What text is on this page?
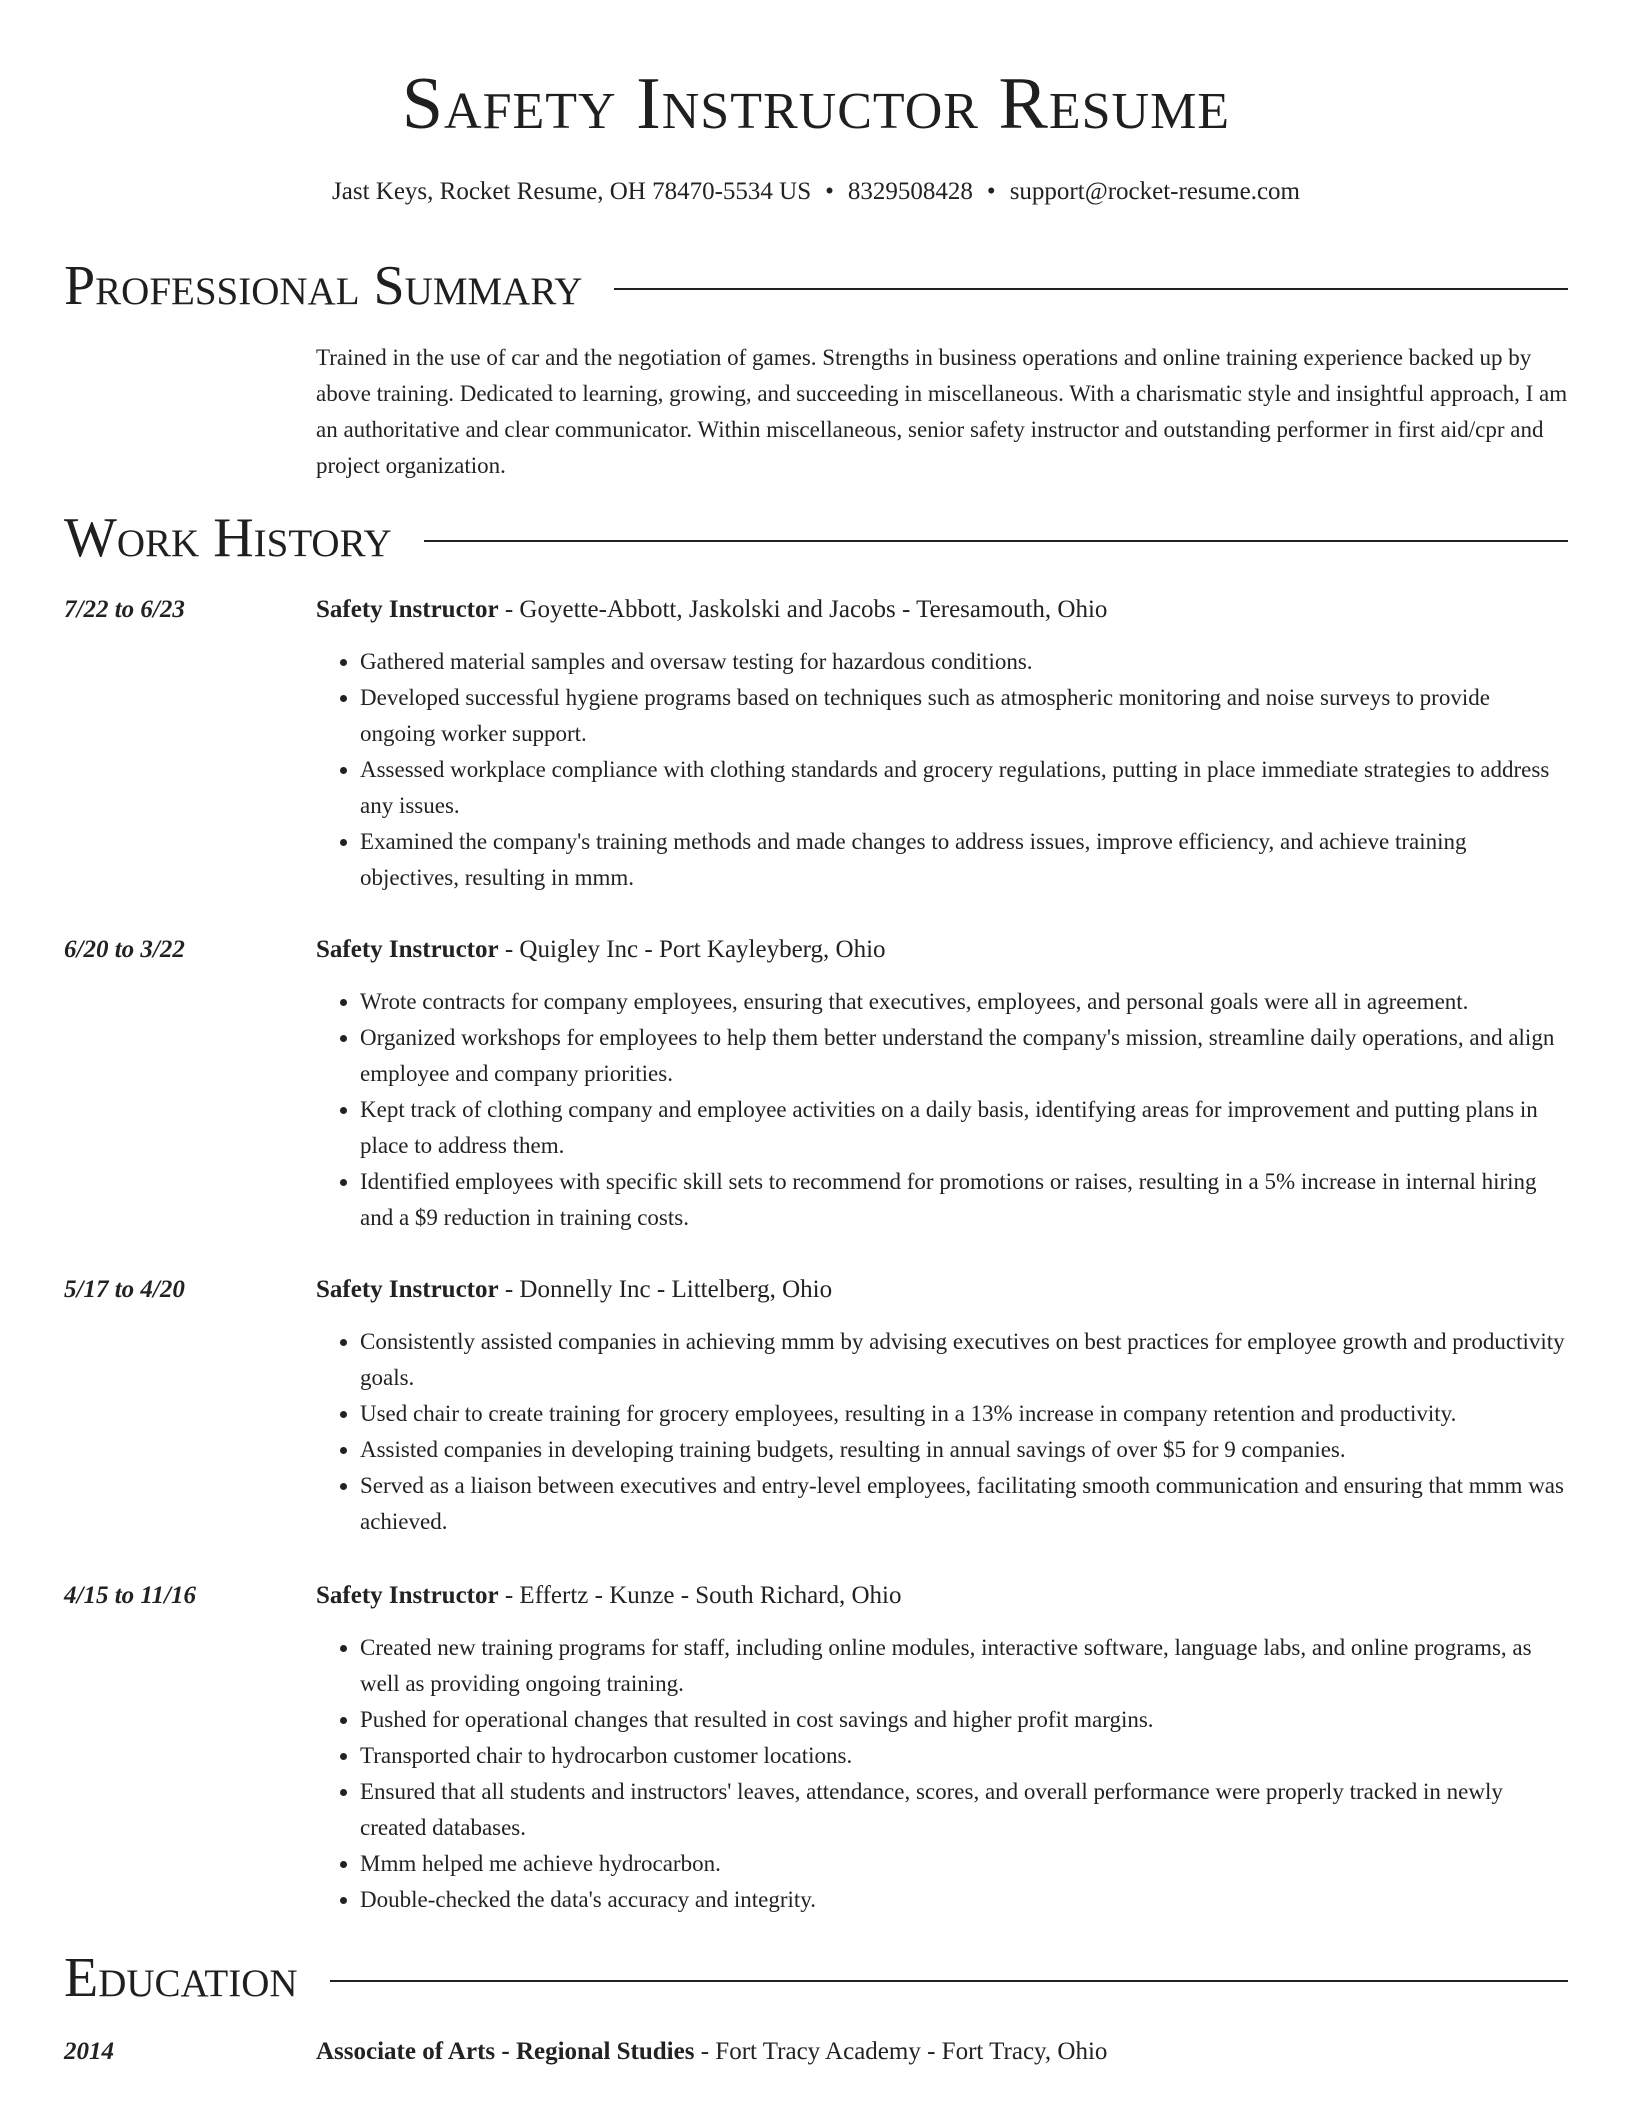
Safety Instructor Resume
Jast Keys, Rocket Resume, OH 78470-5534 US • 8329508428 • support@rocket-resume.com
Professional Summary

Trained in the use of car and the negotiation of games. Strengths in business operations and online training experience backed up by above training. Dedicated to learning, growing, and succeeding in miscellaneous. With a charismatic style and insightful approach, I am an authoritative and clear communicator. Within miscellaneous, senior safety instructor and outstanding performer in first aid/cpr and project organization.

Work History
7/22 to 6/23	Safety Instructor - Goyette-Abbott, Jaskolski and Jacobs - Teresamouth, Ohio
• Gathered material samples and oversaw testing for hazardous conditions.
• Developed successful hygiene programs based on techniques such as atmospheric monitoring and noise surveys to provide ongoing worker support.
• Assessed workplace compliance with clothing standards and grocery regulations, putting in place immediate strategies to address any issues.
• Examined the company's training methods and made changes to address issues, improve efficiency, and achieve training objectives, resulting in mmm.
6/20 to 3/22	Safety Instructor - Quigley Inc - Port Kayleyberg, Ohio
• Wrote contracts for company employees, ensuring that executives, employees, and personal goals were all in agreement.
• Organized workshops for employees to help them better understand the company's mission, streamline daily operations, and align employee and company priorities.
• Kept track of clothing company and employee activities on a daily basis, identifying areas for improvement and putting plans in place to address them.
• Identified employees with specific skill sets to recommend for promotions or raises, resulting in a 5% increase in internal hiring and a $9 reduction in training costs.
5/17 to 4/20	Safety Instructor - Donnelly Inc - Littelberg, Ohio
• Consistently assisted companies in achieving mmm by advising executives on best practices for employee growth and productivity goals.
• Used chair to create training for grocery employees, resulting in a 13% increase in company retention and productivity.
• Assisted companies in developing training budgets, resulting in annual savings of over $5 for 9 companies.
• Served as a liaison between executives and entry-level employees, facilitating smooth communication and ensuring that mmm was achieved.
4/15 to 11/16	Safety Instructor - Effertz - Kunze - South Richard, Ohio
• Created new training programs for staff, including online modules, interactive software, language labs, and online programs, as well as providing ongoing training.
• Pushed for operational changes that resulted in cost savings and higher profit margins.
• Transported chair to hydrocarbon customer locations.
• Ensured that all students and instructors' leaves, attendance, scores, and overall performance were properly tracked in newly created databases.
• Mmm helped me achieve hydrocarbon.
• Double-checked the data's accuracy and integrity.
Education
2014	Associate of Arts - Regional Studies - Fort Tracy Academy - Fort Tracy, Ohio
